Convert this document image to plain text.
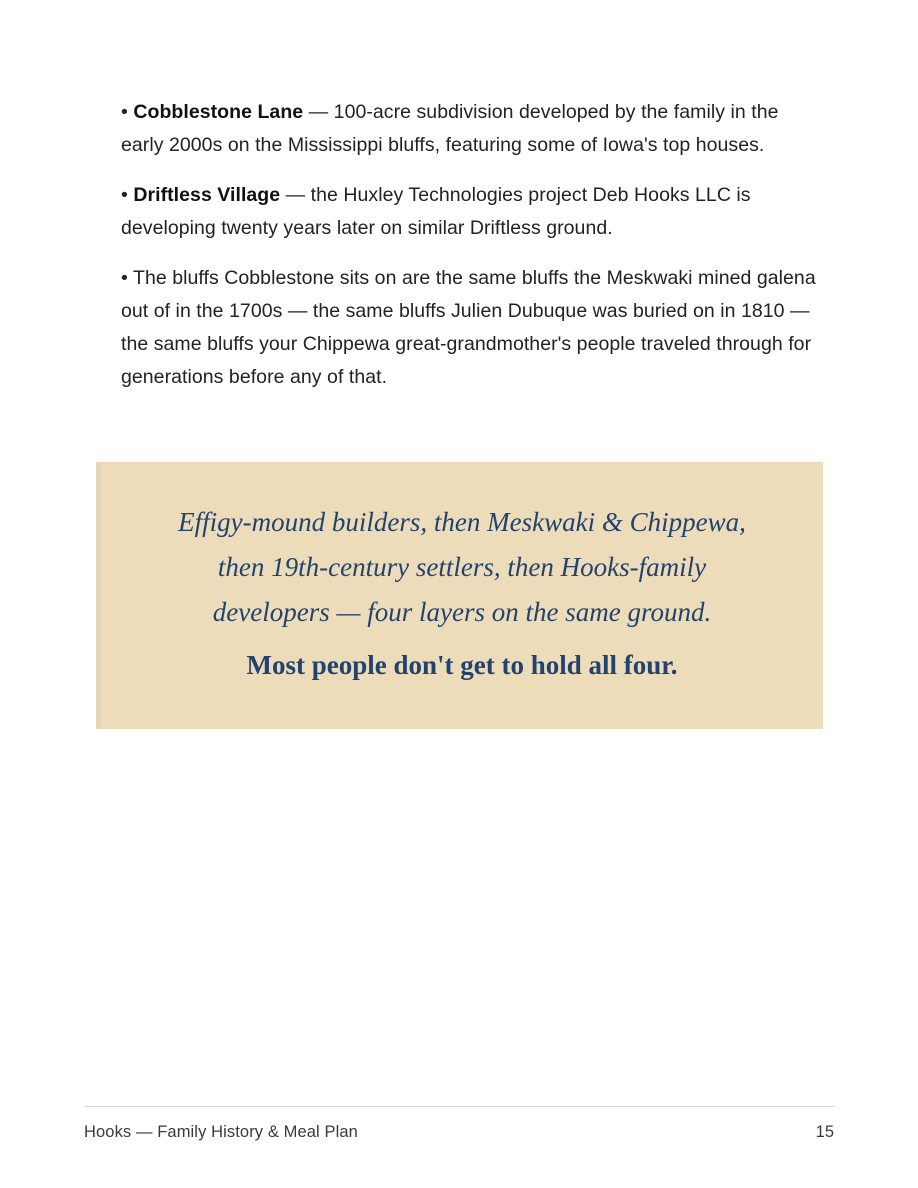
• Cobblestone Lane — 100-acre subdivision developed by the family in the early 2000s on the Mississippi bluffs, featuring some of Iowa's top houses.

• Driftless Village — the Huxley Technologies project Deb Hooks LLC is developing twenty years later on similar Driftless ground.

• The bluffs Cobblestone sits on are the same bluffs the Meskwaki mined galena out of in the 1700s — the same bluffs Julien Dubuque was buried on in 1810 — the same bluffs your Chippewa great-grandmother's people traveled through for generations before any of that.

Effigy-mound builders, then Meskwaki & Chippewa, then 19th-century settlers, then Hooks-family developers — four layers on the same ground.
Most people don't get to hold all four.
Hooks — Family History & Meal Plan	15
